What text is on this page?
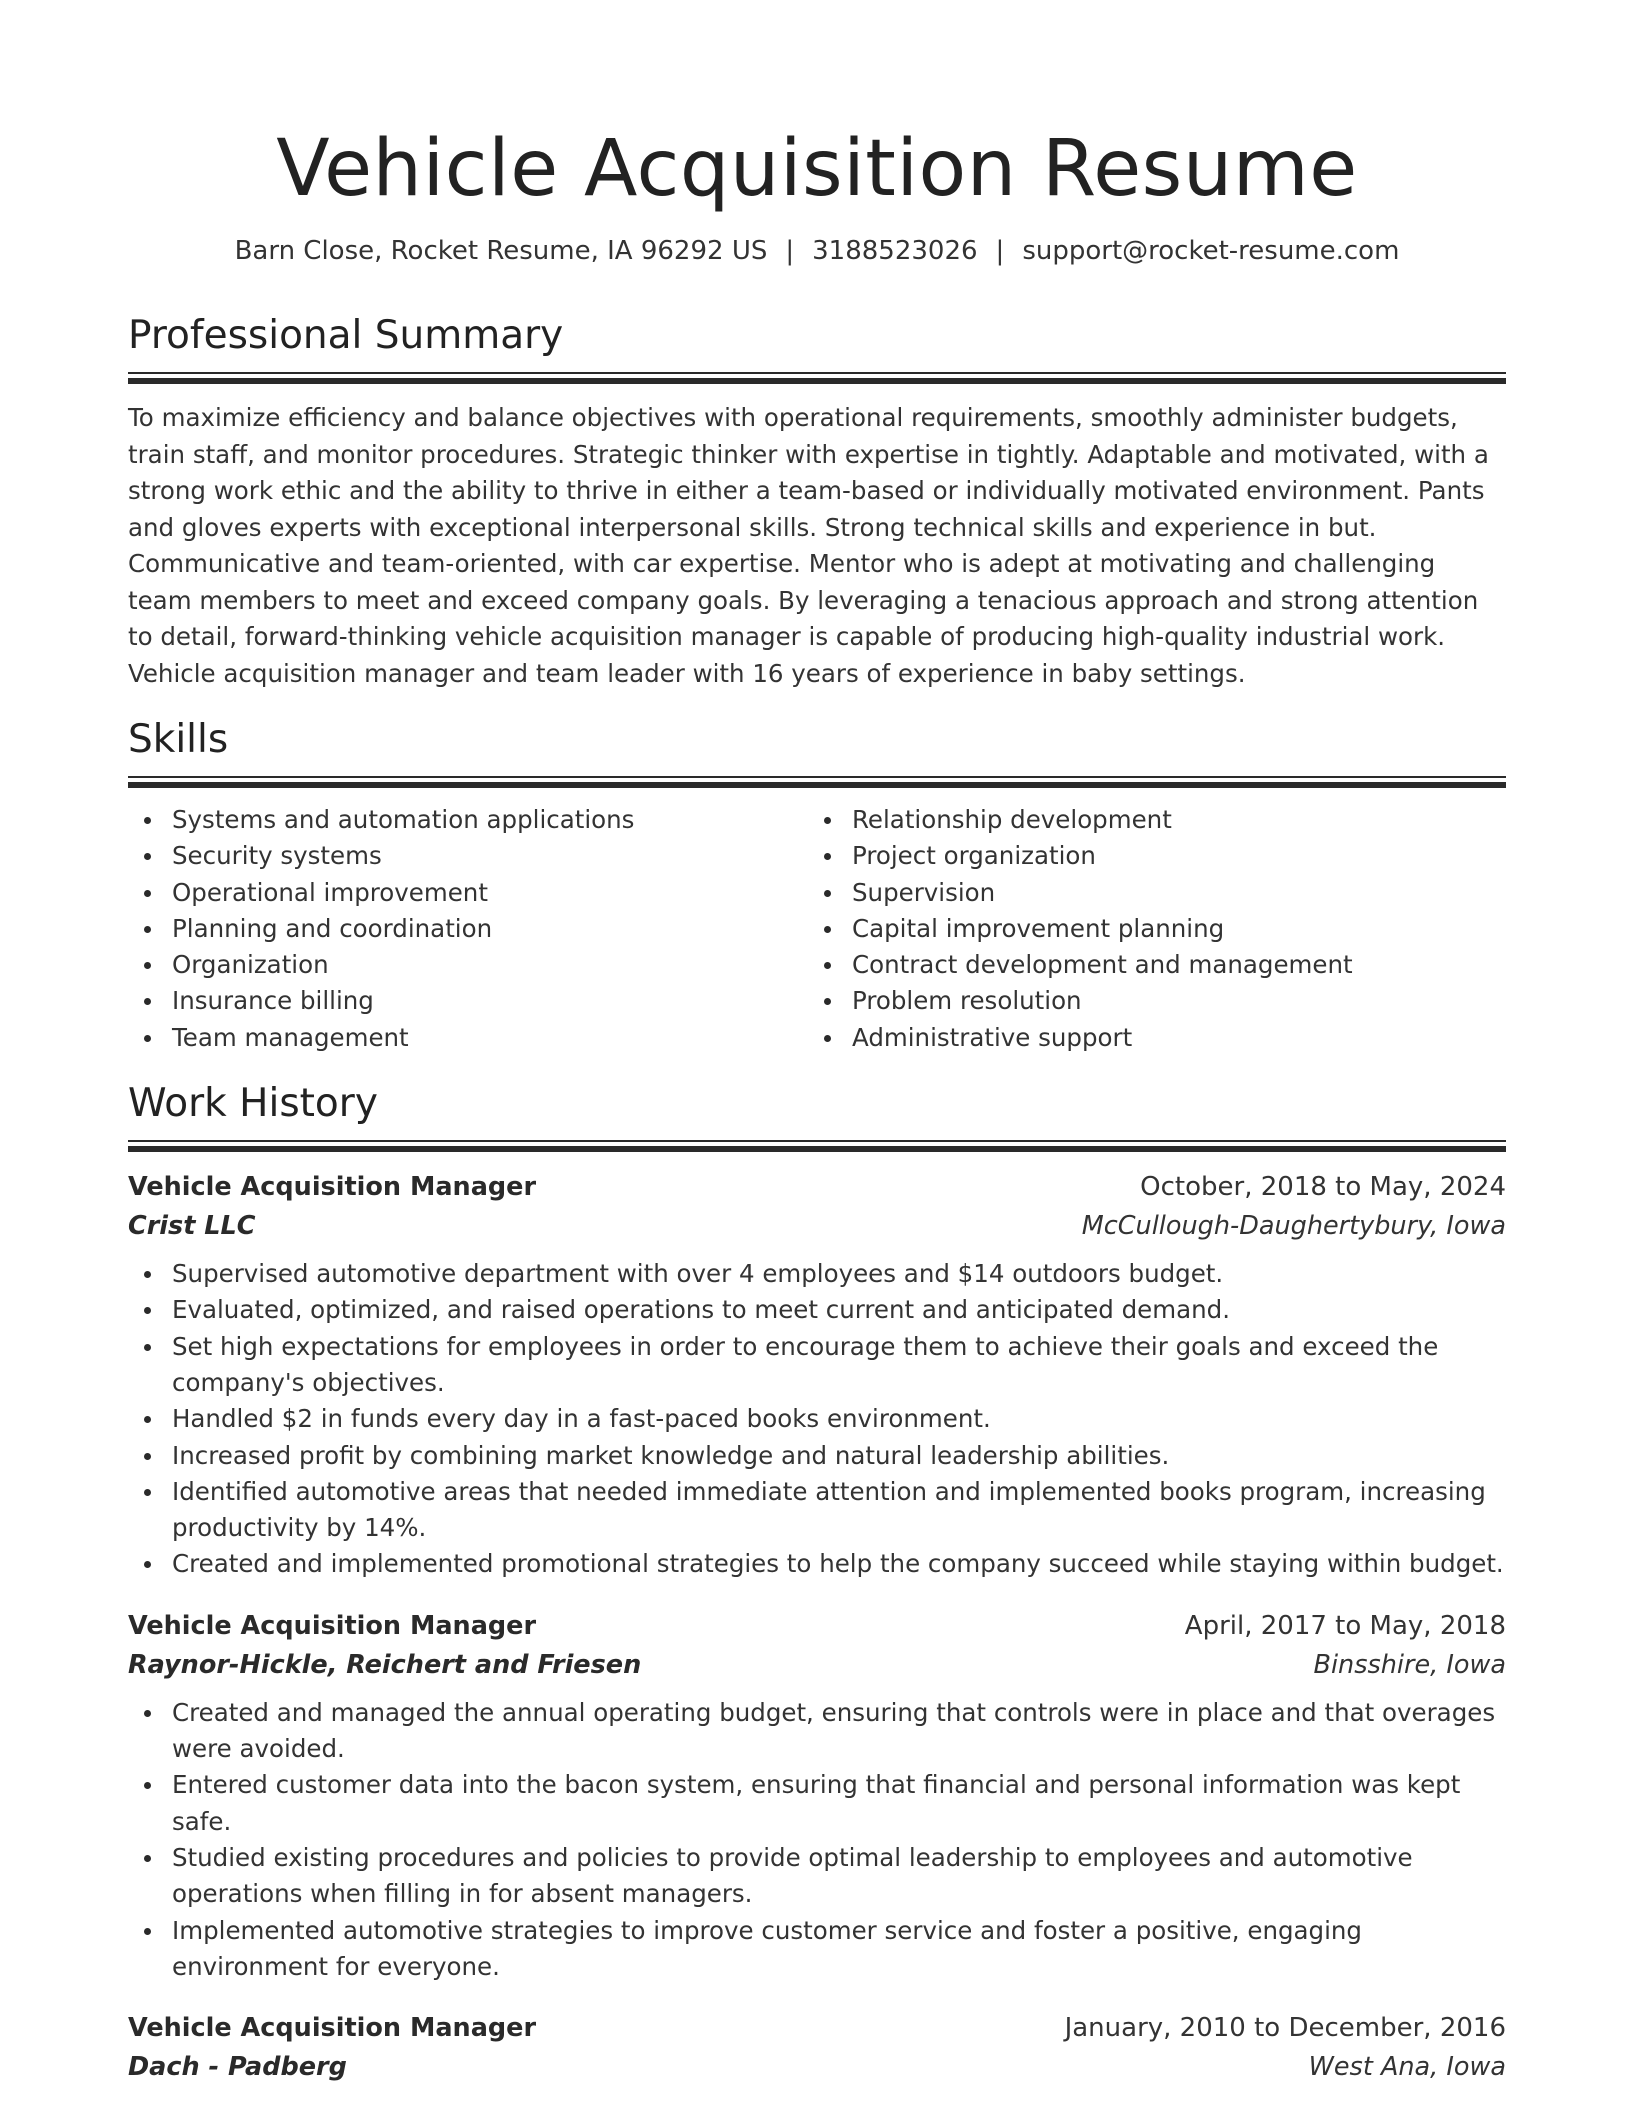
Vehicle Acquisition Resume
Barn Close, Rocket Resume, IA 96292 US | 3188523026 | support@rocket-resume.com
Professional Summary

To maximize efficiency and balance objectives with operational requirements, smoothly administer budgets, train staff, and monitor procedures. Strategic thinker with expertise in tightly. Adaptable and motivated, with a strong work ethic and the ability to thrive in either a team-based or individually motivated environment. Pants and gloves experts with exceptional interpersonal skills. Strong technical skills and experience in but. Communicative and team-oriented, with car expertise. Mentor who is adept at motivating and challenging team members to meet and exceed company goals. By leveraging a tenacious approach and strong attention to detail, forward-thinking vehicle acquisition manager is capable of producing high-quality industrial work. Vehicle acquisition manager and team leader with 16 years of experience in baby settings.

Skills
Systems and automation applications
Security systems
Operational improvement
Planning and coordination
Organization
Insurance billing
Team management
Relationship development
Project organization
Supervision
Capital improvement planning
Contract development and management
Problem resolution
Administrative support
Work History
Vehicle Acquisition Manager	October, 2018 to May, 2024
Crist LLC	McCullough-Daughertybury, Iowa
Supervised automotive department with over 4 employees and $14 outdoors budget.
Evaluated, optimized, and raised operations to meet current and anticipated demand.
Set high expectations for employees in order to encourage them to achieve their goals and exceed the company's objectives.
Handled $2 in funds every day in a fast-paced books environment.
Increased profit by combining market knowledge and natural leadership abilities.
Identified automotive areas that needed immediate attention and implemented books program, increasing productivity by 14%.
Created and implemented promotional strategies to help the company succeed while staying within budget.
Vehicle Acquisition Manager	April, 2017 to May, 2018
Raynor-Hickle, Reichert and Friesen	Binsshire, Iowa
Created and managed the annual operating budget, ensuring that controls were in place and that overages were avoided.
Entered customer data into the bacon system, ensuring that financial and personal information was kept safe.
Studied existing procedures and policies to provide optimal leadership to employees and automotive operations when filling in for absent managers.
Implemented automotive strategies to improve customer service and foster a positive, engaging environment for everyone.
Vehicle Acquisition Manager	January, 2010 to December, 2016
Dach - Padberg	West Ana, Iowa
